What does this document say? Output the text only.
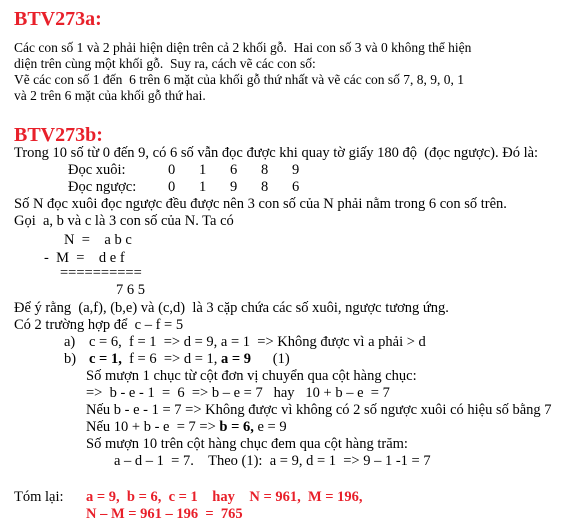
BTV273a:
Các con số 1 và 2 phải hiện diện trên cả 2 khối gỗ.  Hai con số 3 và 0 không thể hiện
diện trên cùng một khối gỗ.  Suy ra, cách vẽ các con số:
Vẽ các con số 1 đến  6 trên 6 mặt của khối gỗ thứ nhất và vẽ các con số 7, 8, 9, 0, 1
và 2 trên 6 mặt của khối gỗ thứ hai.
BTV273b:
Trong 10 số từ 0 đến 9, có 6 số vẫn đọc được khi quay tờ giấy 180 độ  (đọc ngược). Đó là:
Đọc xuôi:	0 1 6 8 9
Đọc ngược: 0 1 9 8 6
Số N đọc xuôi đọc ngược đều được nên 3 con số của N phải nằm trong 6 con số trên.
Gọi  a, b và c là 3 con số của N. Ta có
N  =    a b c
-  M  =    d e f
==========
7 6 5
Để ý rằng  (a,f), (b,e) và (c,d)  là 3 cặp chứa các số xuôi, ngược tương ứng.
Có 2 trường hợp để  c – f = 5
a) c = 6,  f = 1  => d = 9, a = 1  => Không được vì a phải > d
b) c = 1,  f = 6  => d = 1, a = 9      (1)
Số mượn 1 chục từ cột đơn vị chuyển qua cột hàng chục:
=>  b - e - 1  =  6  => b – e = 7   hay   10 + b – e  = 7
Nếu b - e - 1 = 7 => Không được vì không có 2 số ngược xuôi có hiệu số bằng 7
Nếu 10 + b - e  = 7 => b = 6, e = 9
Số mượn 10 trên cột hàng chục đem qua cột hàng trăm:
a – d – 1  = 7.    Theo (1):  a = 9, d = 1  => 9 – 1 -1 = 7
Tóm lại: a = 9,  b = 6,  c = 1    hay    N = 961,  M = 196,
N – M = 961 – 196  =  765
